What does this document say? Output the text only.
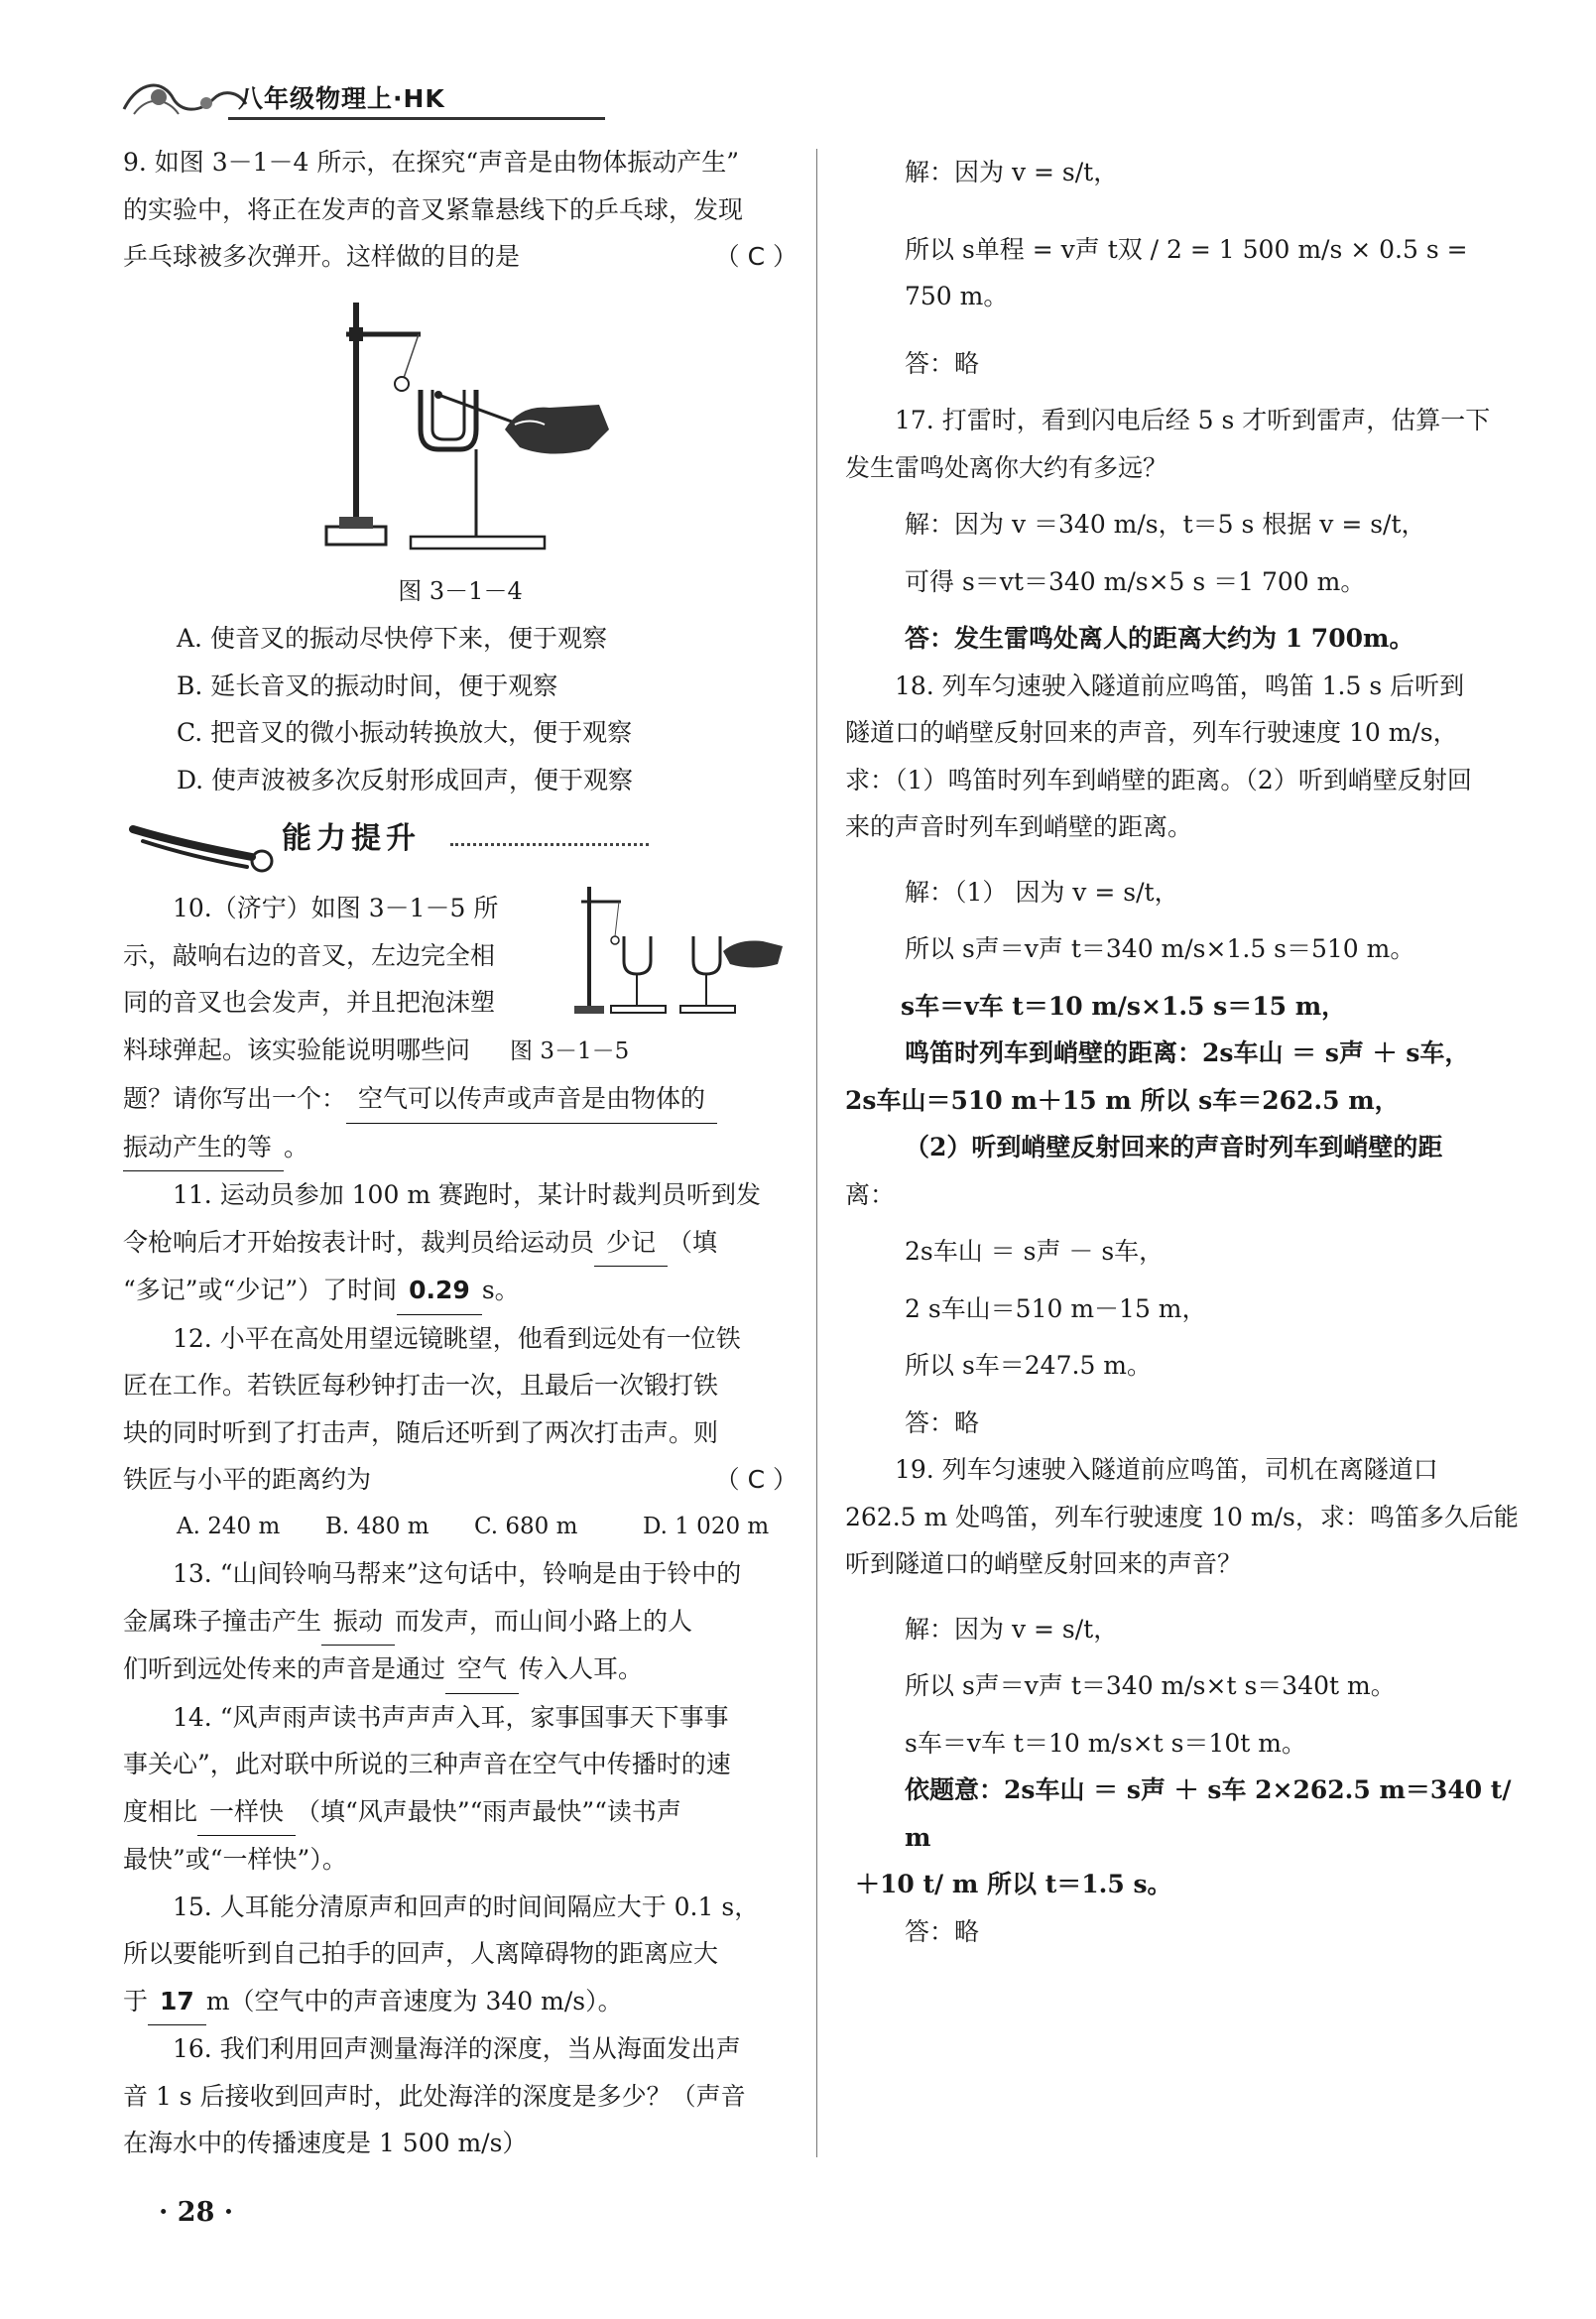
八年级物理上·HK

9. 如图 3－1－4 所示，在探究“声音是由物体振动产生”

的实验中，将正在发声的音叉紧靠悬线下的乒乓球，发现

乒乓球被多次弹开。这样做的目的是	（ C ）

图 3－1－4

A. 使音叉的振动尽快停下来，便于观察

B. 延长音叉的振动时间，便于观察

C. 把音叉的微小振动转换放大，便于观察

D. 使声波被多次反射形成回声，便于观察

能力提升

10.（济宁）如图 3－1－5 所

示，敲响右边的音叉，左边完全相

同的音叉也会发声，并且把泡沫塑

料球弹起。该实验能说明哪些问 图 3－1－5

题？请你写出一个： 空气可以传声或声音是由物体的

振动产生的等 。

11. 运动员参加 100 m 赛跑时，某计时裁判员听到发

令枪响后才开始按表计时，裁判员给运动员 少记 （填

“多记”或“少记”）了时间 0.29 s。

12. 小平在高处用望远镜眺望，他看到远处有一位铁

匠在工作。若铁匠每秒钟打击一次，且最后一次锻打铁

块的同时听到了打击声，随后还听到了两次打击声。则

铁匠与小平的距离约为	（ C ）

A. 240 m B. 480 m C. 680 m	D. 1 020 m

13. “山间铃响马帮来”这句话中，铃响是由于铃中的

金属珠子撞击产生 振动 而发声，而山间小路上的人

们听到远处传来的声音是通过 空气 传入人耳。

14. “风声雨声读书声声声入耳，家事国事天下事事

事关心”，此对联中所说的三种声音在空气中传播时的速

度相比 一样快 （填“风声最快”“雨声最快”“读书声

最快”或“一样快”）。

15. 人耳能分清原声和回声的时间间隔应大于 0.1 s，

所以要能听到自己拍手的回声，人离障碍物的距离应大

于 17 m（空气中的声音速度为 340 m/s）。

16. 我们利用回声测量海洋的深度，当从海面发出声

音 1 s 后接收到回声时，此处海洋的深度是多少？（声音

在海水中的传播速度是 1 500 m/s）

解：因为 v = s/t，

所以 s单程 = v声 t双 / 2 = 1 500 m/s × 0.5 s = 750 m。

答：略

17. 打雷时，看到闪电后经 5 s 才听到雷声，估算一下

发生雷鸣处离你大约有多远？

解：因为 v ＝340 m/s，t＝5 s 根据 v = s/t，

可得 s＝vt＝340 m/s×5 s ＝1 700 m。

答：发生雷鸣处离人的距离大约为 1 700m。

18. 列车匀速驶入隧道前应鸣笛，鸣笛 1.5 s 后听到

隧道口的峭壁反射回来的声音，列车行驶速度 10 m/s，

求：（1）鸣笛时列车到峭壁的距离。（2）听到峭壁反射回

来的声音时列车到峭壁的距离。

解：（1） 因为 v = s/t，

所以 s声＝v声 t＝340 m/s×1.5 s＝510 m。

s车＝v车 t＝10 m/s×1.5 s＝15 m，

鸣笛时列车到峭壁的距离：2s车山 ＝ s声 ＋ s车，

2s车山＝510 m＋15 m 所以 s车＝262.5 m，

（2）听到峭壁反射回来的声音时列车到峭壁的距

离：

2s车山 ＝ s声 － s车，

2 s车山＝510 m－15 m，

所以 s车＝247.5 m。

答：略

19. 列车匀速驶入隧道前应鸣笛，司机在离隧道口

262.5 m 处鸣笛，列车行驶速度 10 m/s，求：鸣笛多久后能

听到隧道口的峭壁反射回来的声音？

解：因为 v = s/t，

所以 s声＝v声 t＝340 m/s×t s＝340t m。

s车＝v车 t＝10 m/s×t s＝10t m。

依题意：2s车山 ＝ s声 ＋ s车 2×262.5 m＝340 t/ m

＋10 t/ m 所以 t＝1.5 s。

答：略

· 28 ·
